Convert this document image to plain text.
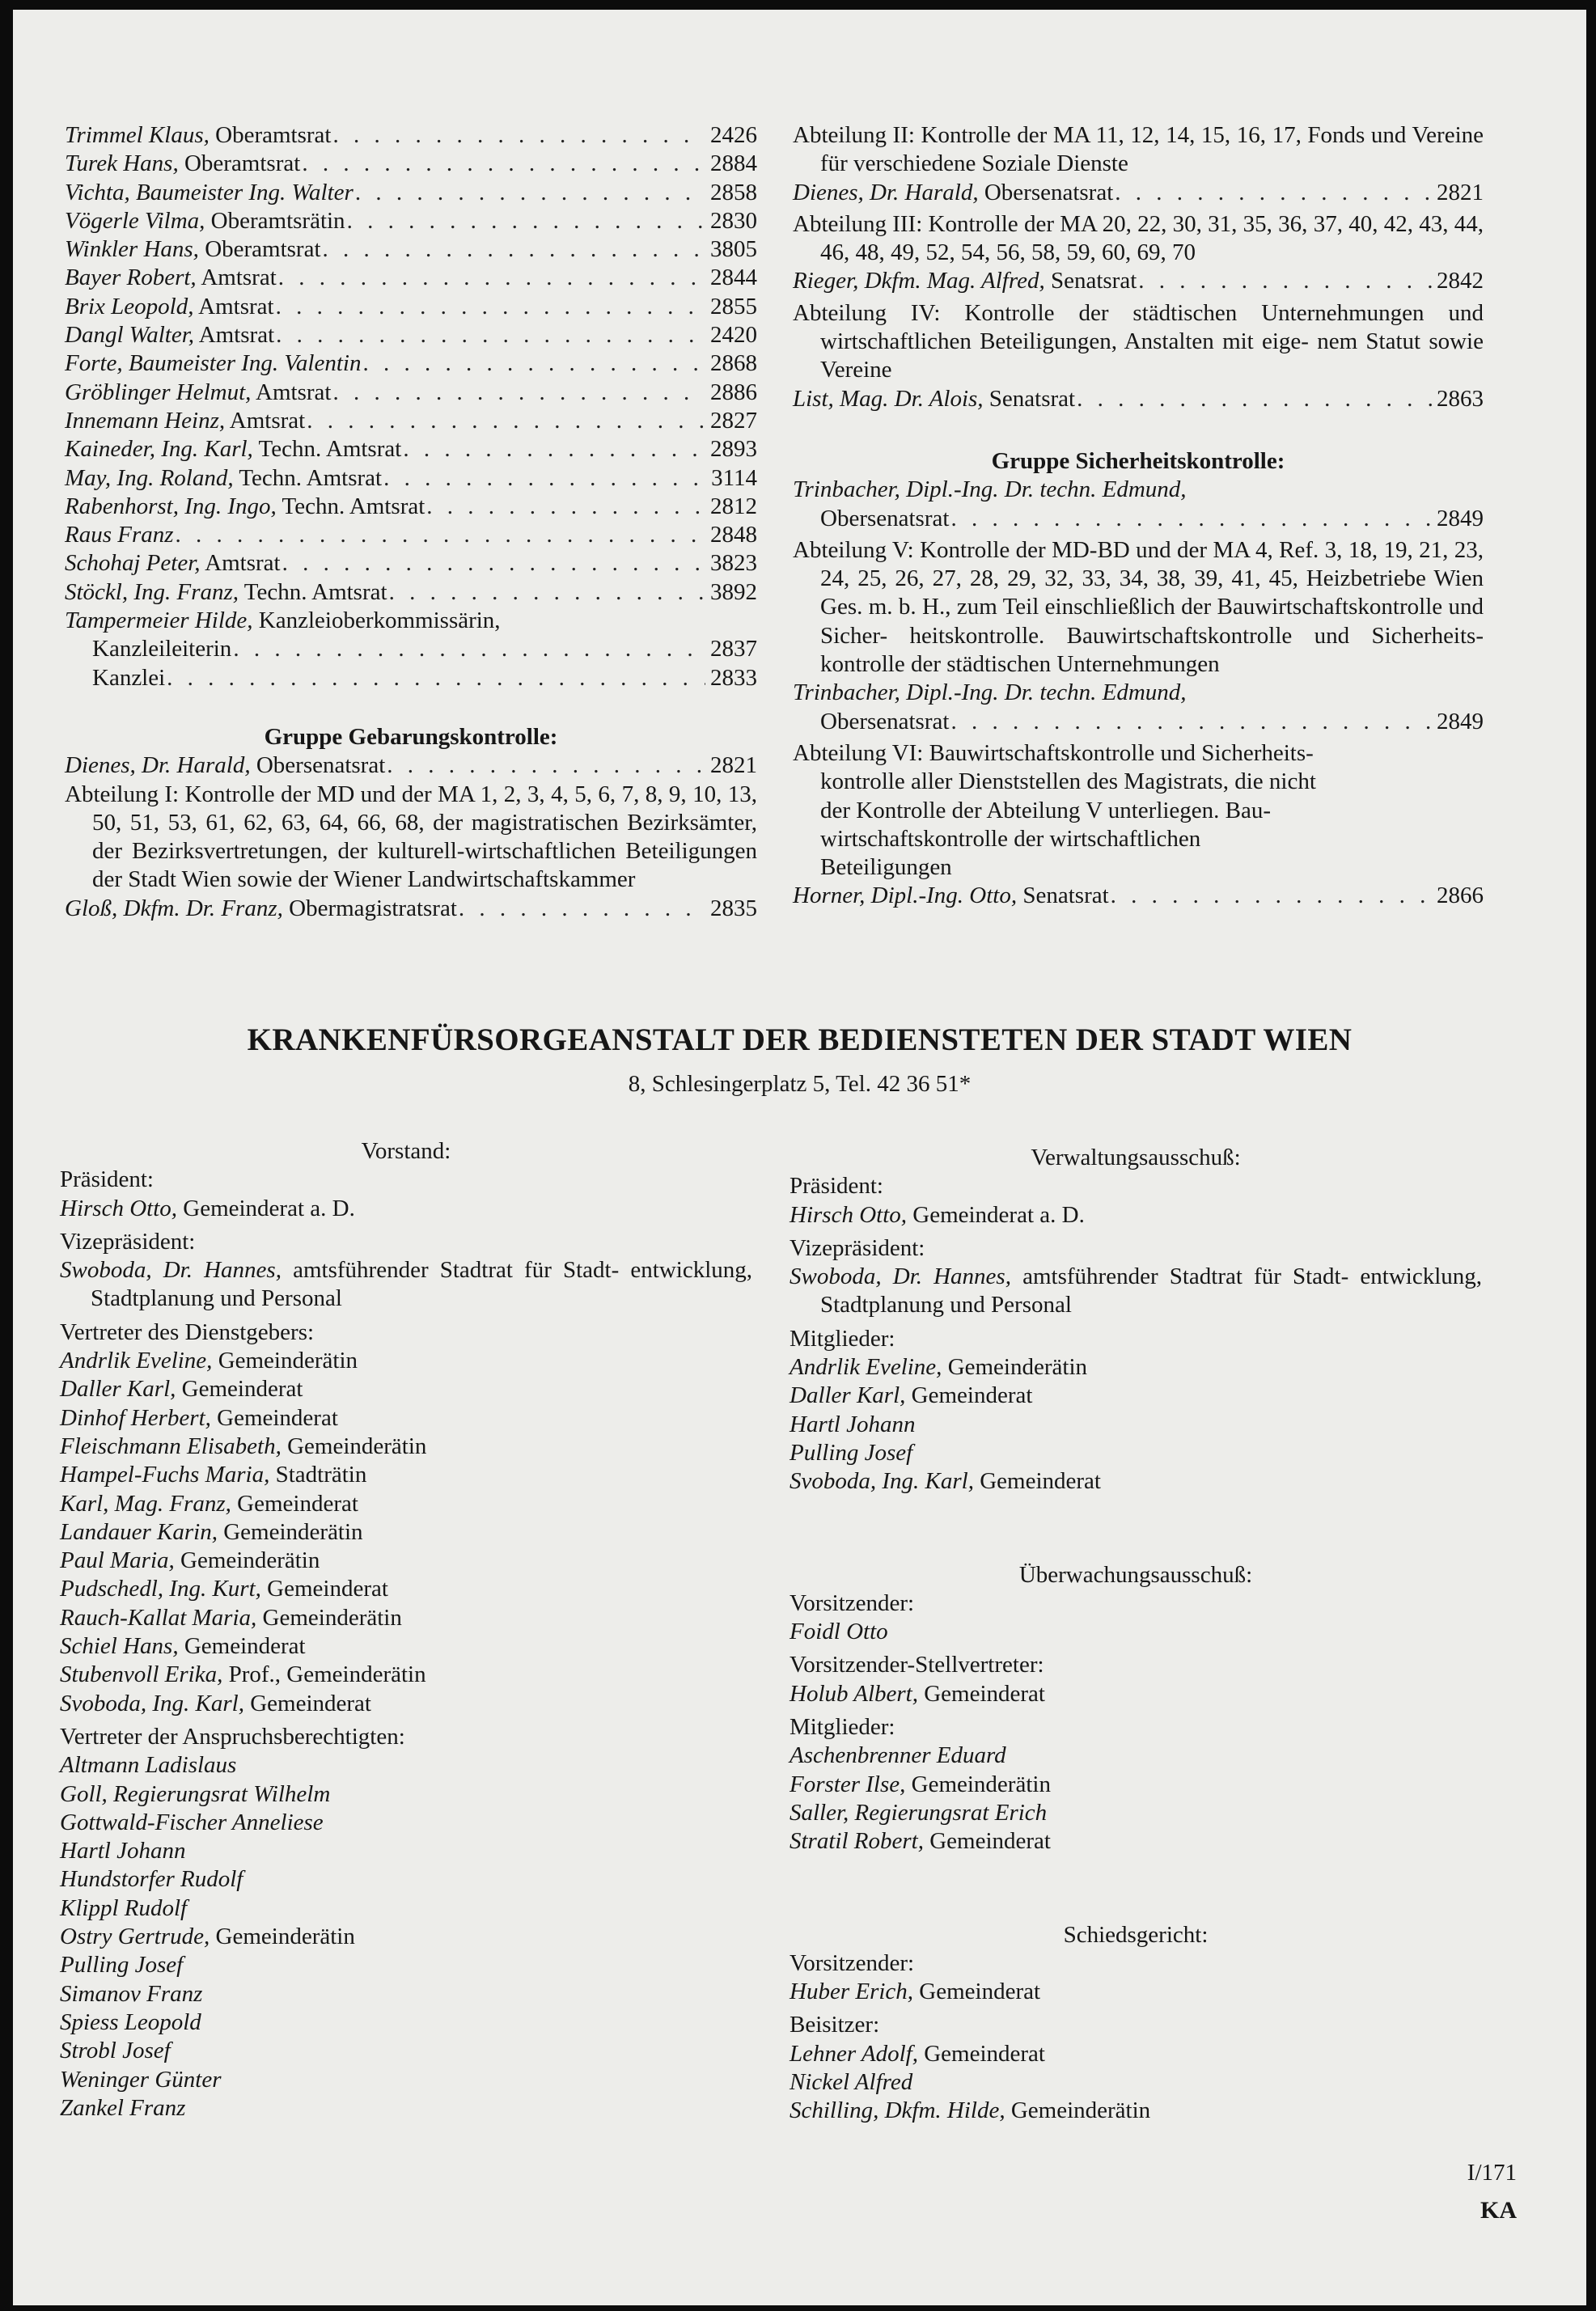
Trimmel Klaus, Oberamtsrat . . .	2426
Turek Hans, Oberamtsrat . . .	2884
Vichta, Baumeister Ing. Walter . . .	2858
Vögerle Vilma, Oberamtsrätin . . .	2830
Winkler Hans, Oberamtsrat . . .	3805
Bayer Robert, Amtsrat . . .	2844
Brix Leopold, Amtsrat . . .	2855
Dangl Walter, Amtsrat . . .	2420
Forte, Baumeister Ing. Valentin . . .	2868
Gröblinger Helmut, Amtsrat . . .	2886
Innemann Heinz, Amtsrat . . .	2827
Kaineder, Ing. Karl, Techn. Amtsrat . . .	2893
May, Ing. Roland, Techn. Amtsrat . . .	3114
Rabenhorst, Ing. Ingo, Techn. Amtsrat . . .	2812
Raus Franz . . .	2848
Schohaj Peter, Amtsrat . . .	3823
Stöckl, Ing. Franz, Techn. Amtsrat . . .	3892
Tampermeier Hilde, Kanzleioberkommissärin,
Kanzleileiterin . . .	2837
Kanzlei . . .	2833

Gruppe Gebarungskontrolle:

Dienes, Dr. Harald, Obersenatsrat . . .	2821

Abteilung I: Kontrolle der MD und der MA 1, 2, 3, 4, 5, 6, 7, 8, 9, 10, 13, 50, 51, 53, 61, 62, 63, 64, 66, 68, der magistratischen Bezirksämter, der Bezirksvertretungen, der kulturell-wirtschaftlichen Beteiligungen der Stadt Wien sowie der Wiener Landwirtschaftskammer

Gloß, Dkfm. Dr. Franz, Obermagistratsrat . . .	2835

Abteilung II: Kontrolle der MA 11, 12, 14, 15, 16, 17, Fonds und Vereine für verschiedene Soziale Dienste

Dienes, Dr. Harald, Obersenatsrat . . .	2821

Abteilung III: Kontrolle der MA 20, 22, 30, 31, 35, 36, 37, 40, 42, 43, 44, 46, 48, 49, 52, 54, 56, 58, 59, 60, 69, 70

Rieger, Dkfm. Mag. Alfred, Senatsrat . . .	2842

Abteilung IV: Kontrolle der städtischen Unternehmungen und wirtschaftlichen Beteiligungen, Anstalten mit eige- nem Statut sowie Vereine

List, Mag. Dr. Alois, Senatsrat . . .	2863

Gruppe Sicherheitskontrolle:

Trinbacher, Dipl.-Ing. Dr. techn. Edmund,

Obersenatsrat . . .	2849

Abteilung V: Kontrolle der MD-BD und der MA 4, Ref. 3, 18, 19, 21, 23, 24, 25, 26, 27, 28, 29, 32, 33, 34, 38, 39, 41, 45, Heizbetriebe Wien Ges. m. b. H., zum Teil einschließlich der Bauwirtschaftskontrolle und Sicher- heitskontrolle. Bauwirtschaftskontrolle und Sicherheits- kontrolle der städtischen Unternehmungen

Trinbacher, Dipl.-Ing. Dr. techn. Edmund,

Obersenatsrat . . .	2849

Abteilung VI: Bauwirtschaftskontrolle und Sicherheits-
kontrolle aller Dienststellen des Magistrats, die nicht
der Kontrolle der Abteilung V unterliegen. Bau-
wirtschaftskontrolle der wirtschaftlichen
Beteiligungen

Horner, Dipl.-Ing. Otto, Senatsrat . . .	2866
KRANKENFÜRSORGEANSTALT DER BEDIENSTETEN DER STADT WIEN
8, Schlesingerplatz 5, Tel. 42 36 51*

Vorstand:

Präsident:

Hirsch Otto, Gemeinderat a. D.

Vizepräsident:

Swoboda, Dr. Hannes, amtsführender Stadtrat für Stadt- entwicklung, Stadtplanung und Personal

Vertreter des Dienstgebers:

Andrlik Eveline, Gemeinderätin

Daller Karl, Gemeinderat

Dinhof Herbert, Gemeinderat

Fleischmann Elisabeth, Gemeinderätin

Hampel-Fuchs Maria, Stadträtin

Karl, Mag. Franz, Gemeinderat

Landauer Karin, Gemeinderätin

Paul Maria, Gemeinderätin

Pudschedl, Ing. Kurt, Gemeinderat

Rauch-Kallat Maria, Gemeinderätin

Schiel Hans, Gemeinderat

Stubenvoll Erika, Prof., Gemeinderätin

Svoboda, Ing. Karl, Gemeinderat

Vertreter der Anspruchsberechtigten:

Altmann Ladislaus

Goll, Regierungsrat Wilhelm

Gottwald-Fischer Anneliese

Hartl Johann

Hundstorfer Rudolf

Klippl Rudolf

Ostry Gertrude, Gemeinderätin

Pulling Josef

Simanov Franz

Spiess Leopold

Strobl Josef

Weninger Günter

Zankel Franz

Verwaltungsausschuß:

Präsident:

Hirsch Otto, Gemeinderat a. D.

Vizepräsident:

Swoboda, Dr. Hannes, amtsführender Stadtrat für Stadt- entwicklung, Stadtplanung und Personal

Mitglieder:

Andrlik Eveline, Gemeinderätin

Daller Karl, Gemeinderat

Hartl Johann

Pulling Josef

Svoboda, Ing. Karl, Gemeinderat

Überwachungsausschuß:

Vorsitzender:

Foidl Otto

Vorsitzender-Stellvertreter:

Holub Albert, Gemeinderat

Mitglieder:

Aschenbrenner Eduard

Forster Ilse, Gemeinderätin

Saller, Regierungsrat Erich

Stratil Robert, Gemeinderat

Schiedsgericht:

Vorsitzender:

Huber Erich, Gemeinderat

Beisitzer:

Lehner Adolf, Gemeinderat

Nickel Alfred

Schilling, Dkfm. Hilde, Gemeinderätin

I/171
KA
